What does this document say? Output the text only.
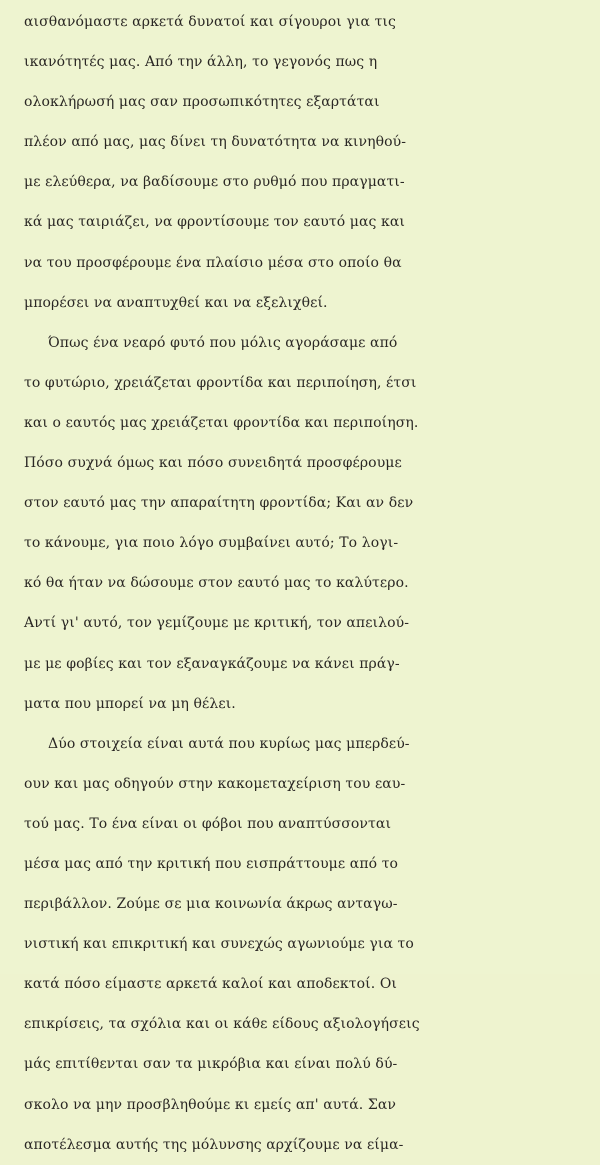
αισθανόμαστε αρκετά δυνατοί και σίγουροι για τις
ικανότητές μας. Από την άλλη, το γεγονός πως η
ολοκλήρωσή μας σαν προσωπικότητες εξαρτάται
πλέον από μας, μας δίνει τη δυνατότητα να κινηθού-
με ελεύθερα, να βαδίσουμε στο ρυθμό που πραγματι-
κά μας ταιριάζει, να φροντίσουμε τον εαυτό μας και
να του προσφέρουμε ένα πλαίσιο μέσα στο οποίο θα
μπορέσει να αναπτυχθεί και να εξελιχθεί.
Όπως ένα νεαρό φυτό που μόλις αγοράσαμε από
το φυτώριο, χρειάζεται φροντίδα και περιποίηση, έτσι
και ο εαυτός μας χρειάζεται φροντίδα και περιποίηση.
Πόσο συχνά όμως και πόσο συνειδητά προσφέρουμε
στον εαυτό μας την απαραίτητη φροντίδα; Και αν δεν
το κάνουμε, για ποιο λόγο συμβαίνει αυτό; Το λογι-
κό θα ήταν να δώσουμε στον εαυτό μας το καλύτερο.
Αντί γι' αυτό, τον γεμίζουμε με κριτική, τον απειλού-
με με φοβίες και τον εξαναγκάζουμε να κάνει πράγ-
ματα που μπορεί να μη θέλει.
Δύο στοιχεία είναι αυτά που κυρίως μας μπερδεύ-
ουν και μας οδηγούν στην κακομεταχείριση του εαυ-
τού μας. Το ένα είναι οι φόβοι που αναπτύσσονται
μέσα μας από την κριτική που εισπράττουμε από το
περιβάλλον. Ζούμε σε μια κοινωνία άκρως ανταγω-
νιστική και επικριτική και συνεχώς αγωνιούμε για το
κατά πόσο είμαστε αρκετά καλοί και αποδεκτοί. Οι
επικρίσεις, τα σχόλια και οι κάθε είδους αξιολογήσεις
μάς επιτίθενται σαν τα μικρόβια και είναι πολύ δύ-
σκολο να μην προσβληθούμε κι εμείς απ' αυτά. Σαν
αποτέλεσμα αυτής της μόλυνσης αρχίζουμε να είμα-
